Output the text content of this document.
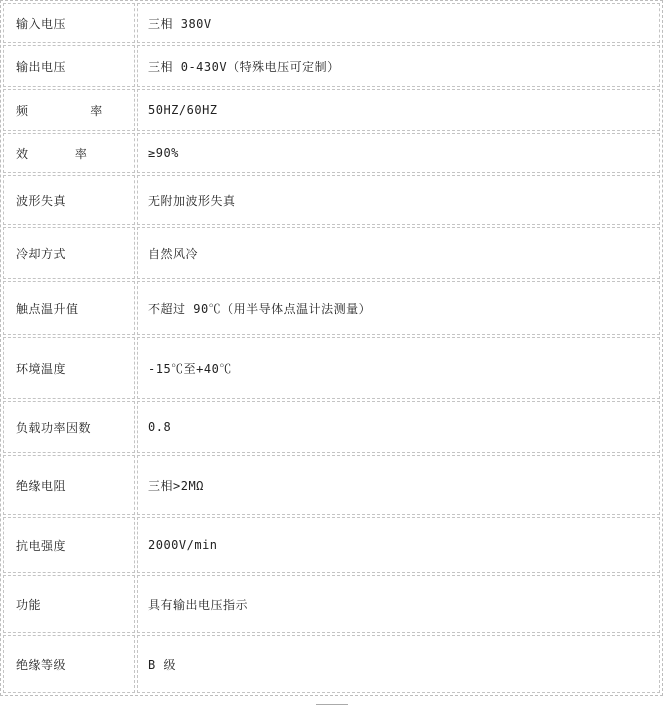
输入电压	三相 380V
输出电压	三相 0-430V（特殊电压可定制）
频        率	50HZ/60HZ
效      率	≥90%
波形失真	无附加波形失真
冷却方式	自然风冷
触点温升值	不超过 90℃（用半导体点温计法测量）
环境温度	-15℃至+40℃
负载功率因数	0.8
绝缘电阻	三相>2MΩ
抗电强度	2000V/min
功能	具有输出电压指示
绝缘等级	B 级
